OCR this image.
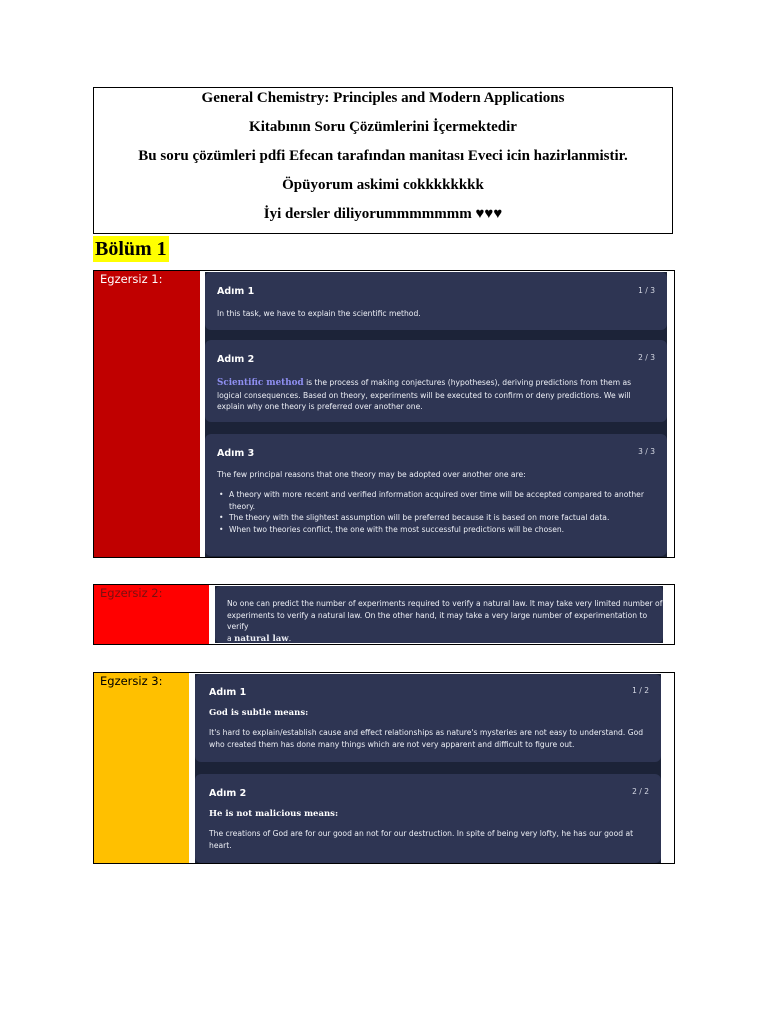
General Chemistry: Principles and Modern Applications
Kitabının Soru Çözümlerini İçermektedir
Bu soru çözümleri pdfi Efecan tarafından manitası Eveci icin hazirlanmistir.
Öpüyorum askimi cokkkkkkkk
İyi dersler diliyorummmmmmm ♥♥♥
Bölüm 1
Egzersiz 1:
Adım 1	1 / 3
In this task, we have to explain the scientific method.
Adım 2	2 / 3
Scientific method is the process of making conjectures (hypotheses), deriving predictions from them as
logical consequences. Based on theory, experiments will be executed to confirm or deny predictions. We will
explain why one theory is preferred over another one.
Adım 3	3 / 3
The few principal reasons that one theory may be adopted over another one are:
• A theory with more recent and verified information acquired over time will be accepted compared to another theory.
• The theory with the slightest assumption will be preferred because it is based on more factual data.
• When two theories conflict, the one with the most successful predictions will be chosen.
Egzersiz 2:
No one can predict the number of experiments required to verify a natural law. It may take very limited number of
experiments to verify a natural law. On the other hand, it may take a very large number of experimentation to verify
a natural law.
Egzersiz 3:
Adım 1	1 / 2
God is subtle means:
It's hard to explain/establish cause and effect relationships as nature's mysteries are not easy to understand. God
who created them has done many things which are not very apparent and difficult to figure out.
Adım 2	2 / 2
He is not malicious means:
The creations of God are for our good an not for our destruction. In spite of being very lofty, he has our good at
heart.
